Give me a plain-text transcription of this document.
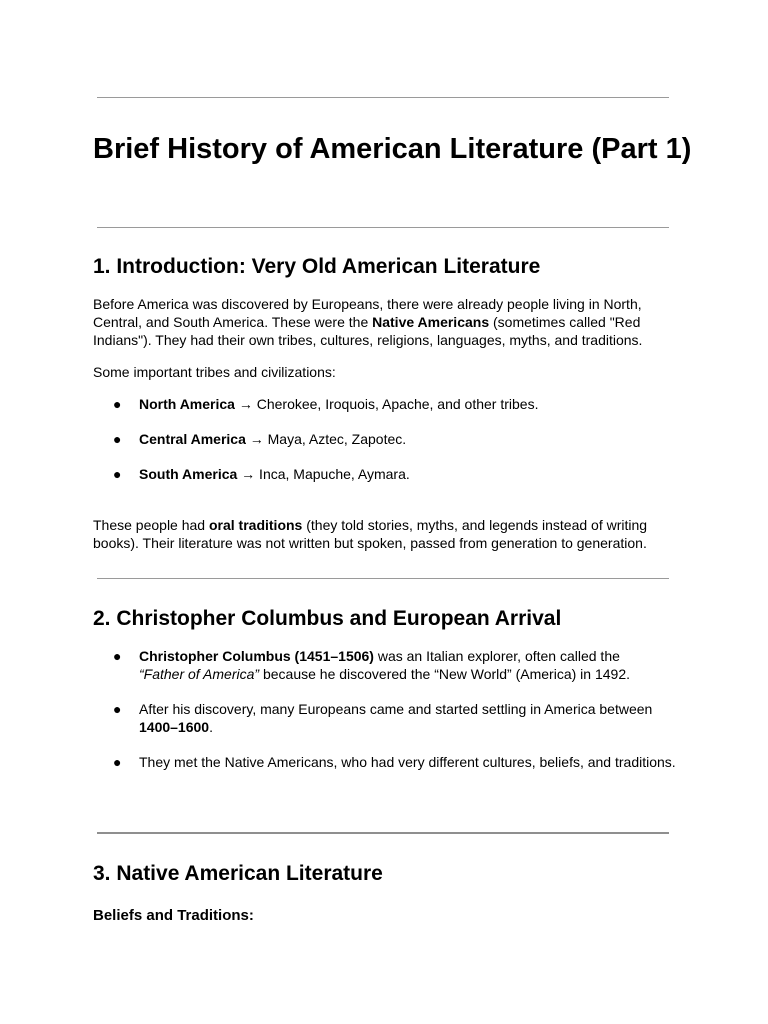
Brief History of American Literature (Part 1)
1. Introduction: Very Old American Literature

Before America was discovered by Europeans, there were already people living in North, Central, and South America. These were the Native Americans (sometimes called "Red Indians"). They had their own tribes, cultures, religions, languages, myths, and traditions.

Some important tribes and civilizations:

● North America → Cherokee, Iroquois, Apache, and other tribes.
● Central America → Maya, Aztec, Zapotec.
● South America → Inca, Mapuche, Aymara.

These people had oral traditions (they told stories, myths, and legends instead of writing books). Their literature was not written but spoken, passed from generation to generation.

2. Christopher Columbus and European Arrival
● Christopher Columbus (1451–1506) was an Italian explorer, often called the
“Father of America” because he discovered the “New World” (America) in 1492.
● After his discovery, many Europeans came and started settling in America between
1400–1600.
● They met the Native Americans, who had very different cultures, beliefs, and traditions.
3. Native American Literature
Beliefs and Traditions:
